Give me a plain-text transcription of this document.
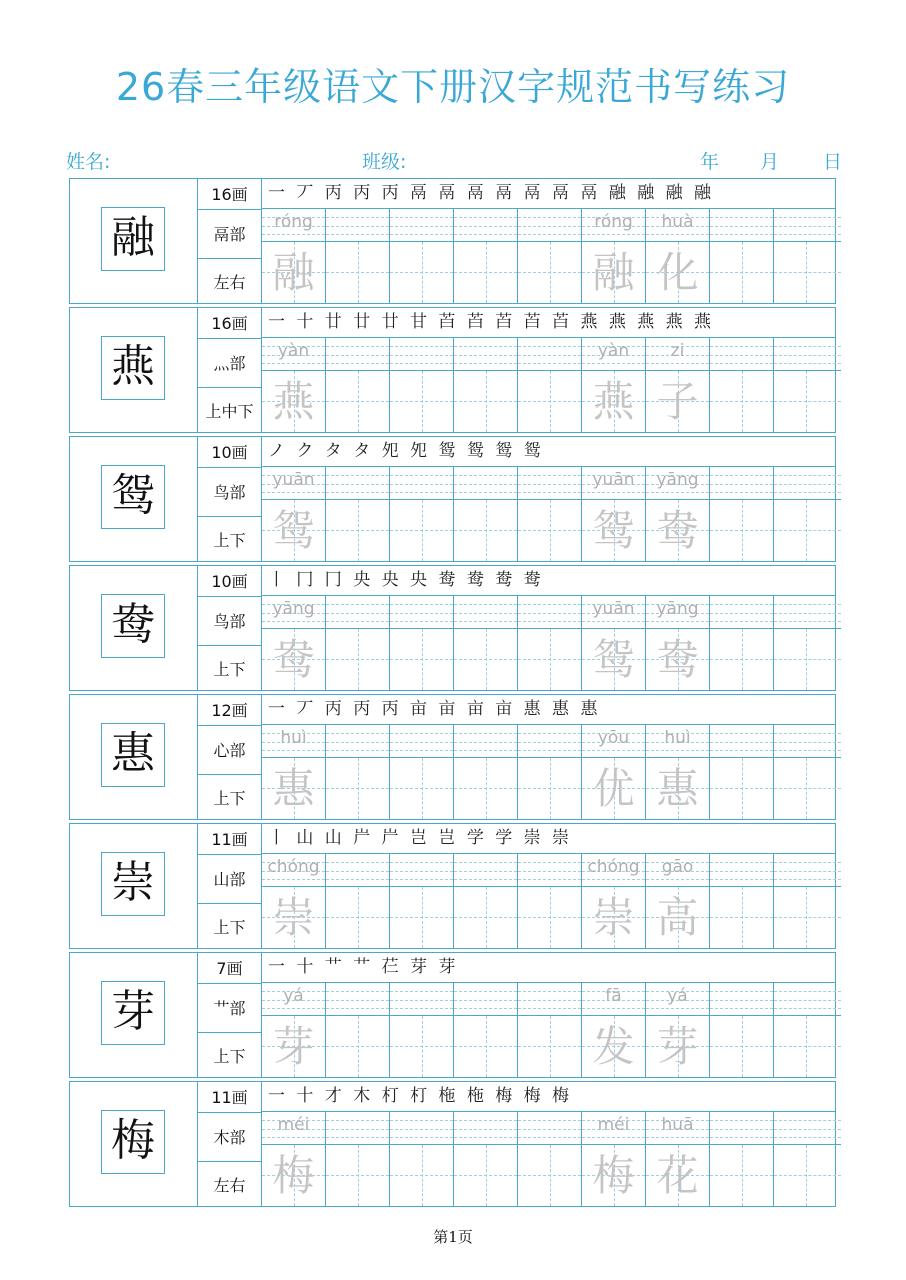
26春三年级语文下册汉字规范书写练习
姓名:	班级:	年 月 日
融
16画
鬲部
左右
一 丆 丙 丙 丙 鬲 鬲 鬲 鬲 鬲 鬲 鬲 融 融 融 融
róng
融
róng
融
huà
化
燕
16画
灬部
上中下
一 十 廿 廿 廿 甘 苩 苩 苩 苩 苩 燕 燕 燕 燕 燕
yàn
燕
yàn
燕
zi
子
鸳
10画
鸟部
上下
ノ ク タ タ 夗 夗 鸳 鸳 鸳 鸳
yuān
鸳
yuān
鸳
yāng
鸯
鸯
10画
鸟部
上下
丨 冂 冂 央 央 央 鸯 鸯 鸯 鸯
yāng
鸯
yuān
鸳
yāng
鸯
惠
12画
心部
上下
一 丆 丙 丙 丙 亩 亩 亩 亩 惠 惠 惠
huì
惠
yōu
优
huì
惠
崇
11画
山部
上下
丨 山 山 屵 屵 岂 岂 学 学 崇 崇
chóng
崇
chóng
崇
gāo
高
芽
7画
艹部
上下
一 十 艹 艹 芢 芽 芽
yá
芽
fā
发
yá
芽
梅
11画
木部
左右
一 十 才 木 朾 朾 柂 柂 梅 梅 梅
méi
梅
méi
梅
huā
花
第1页
